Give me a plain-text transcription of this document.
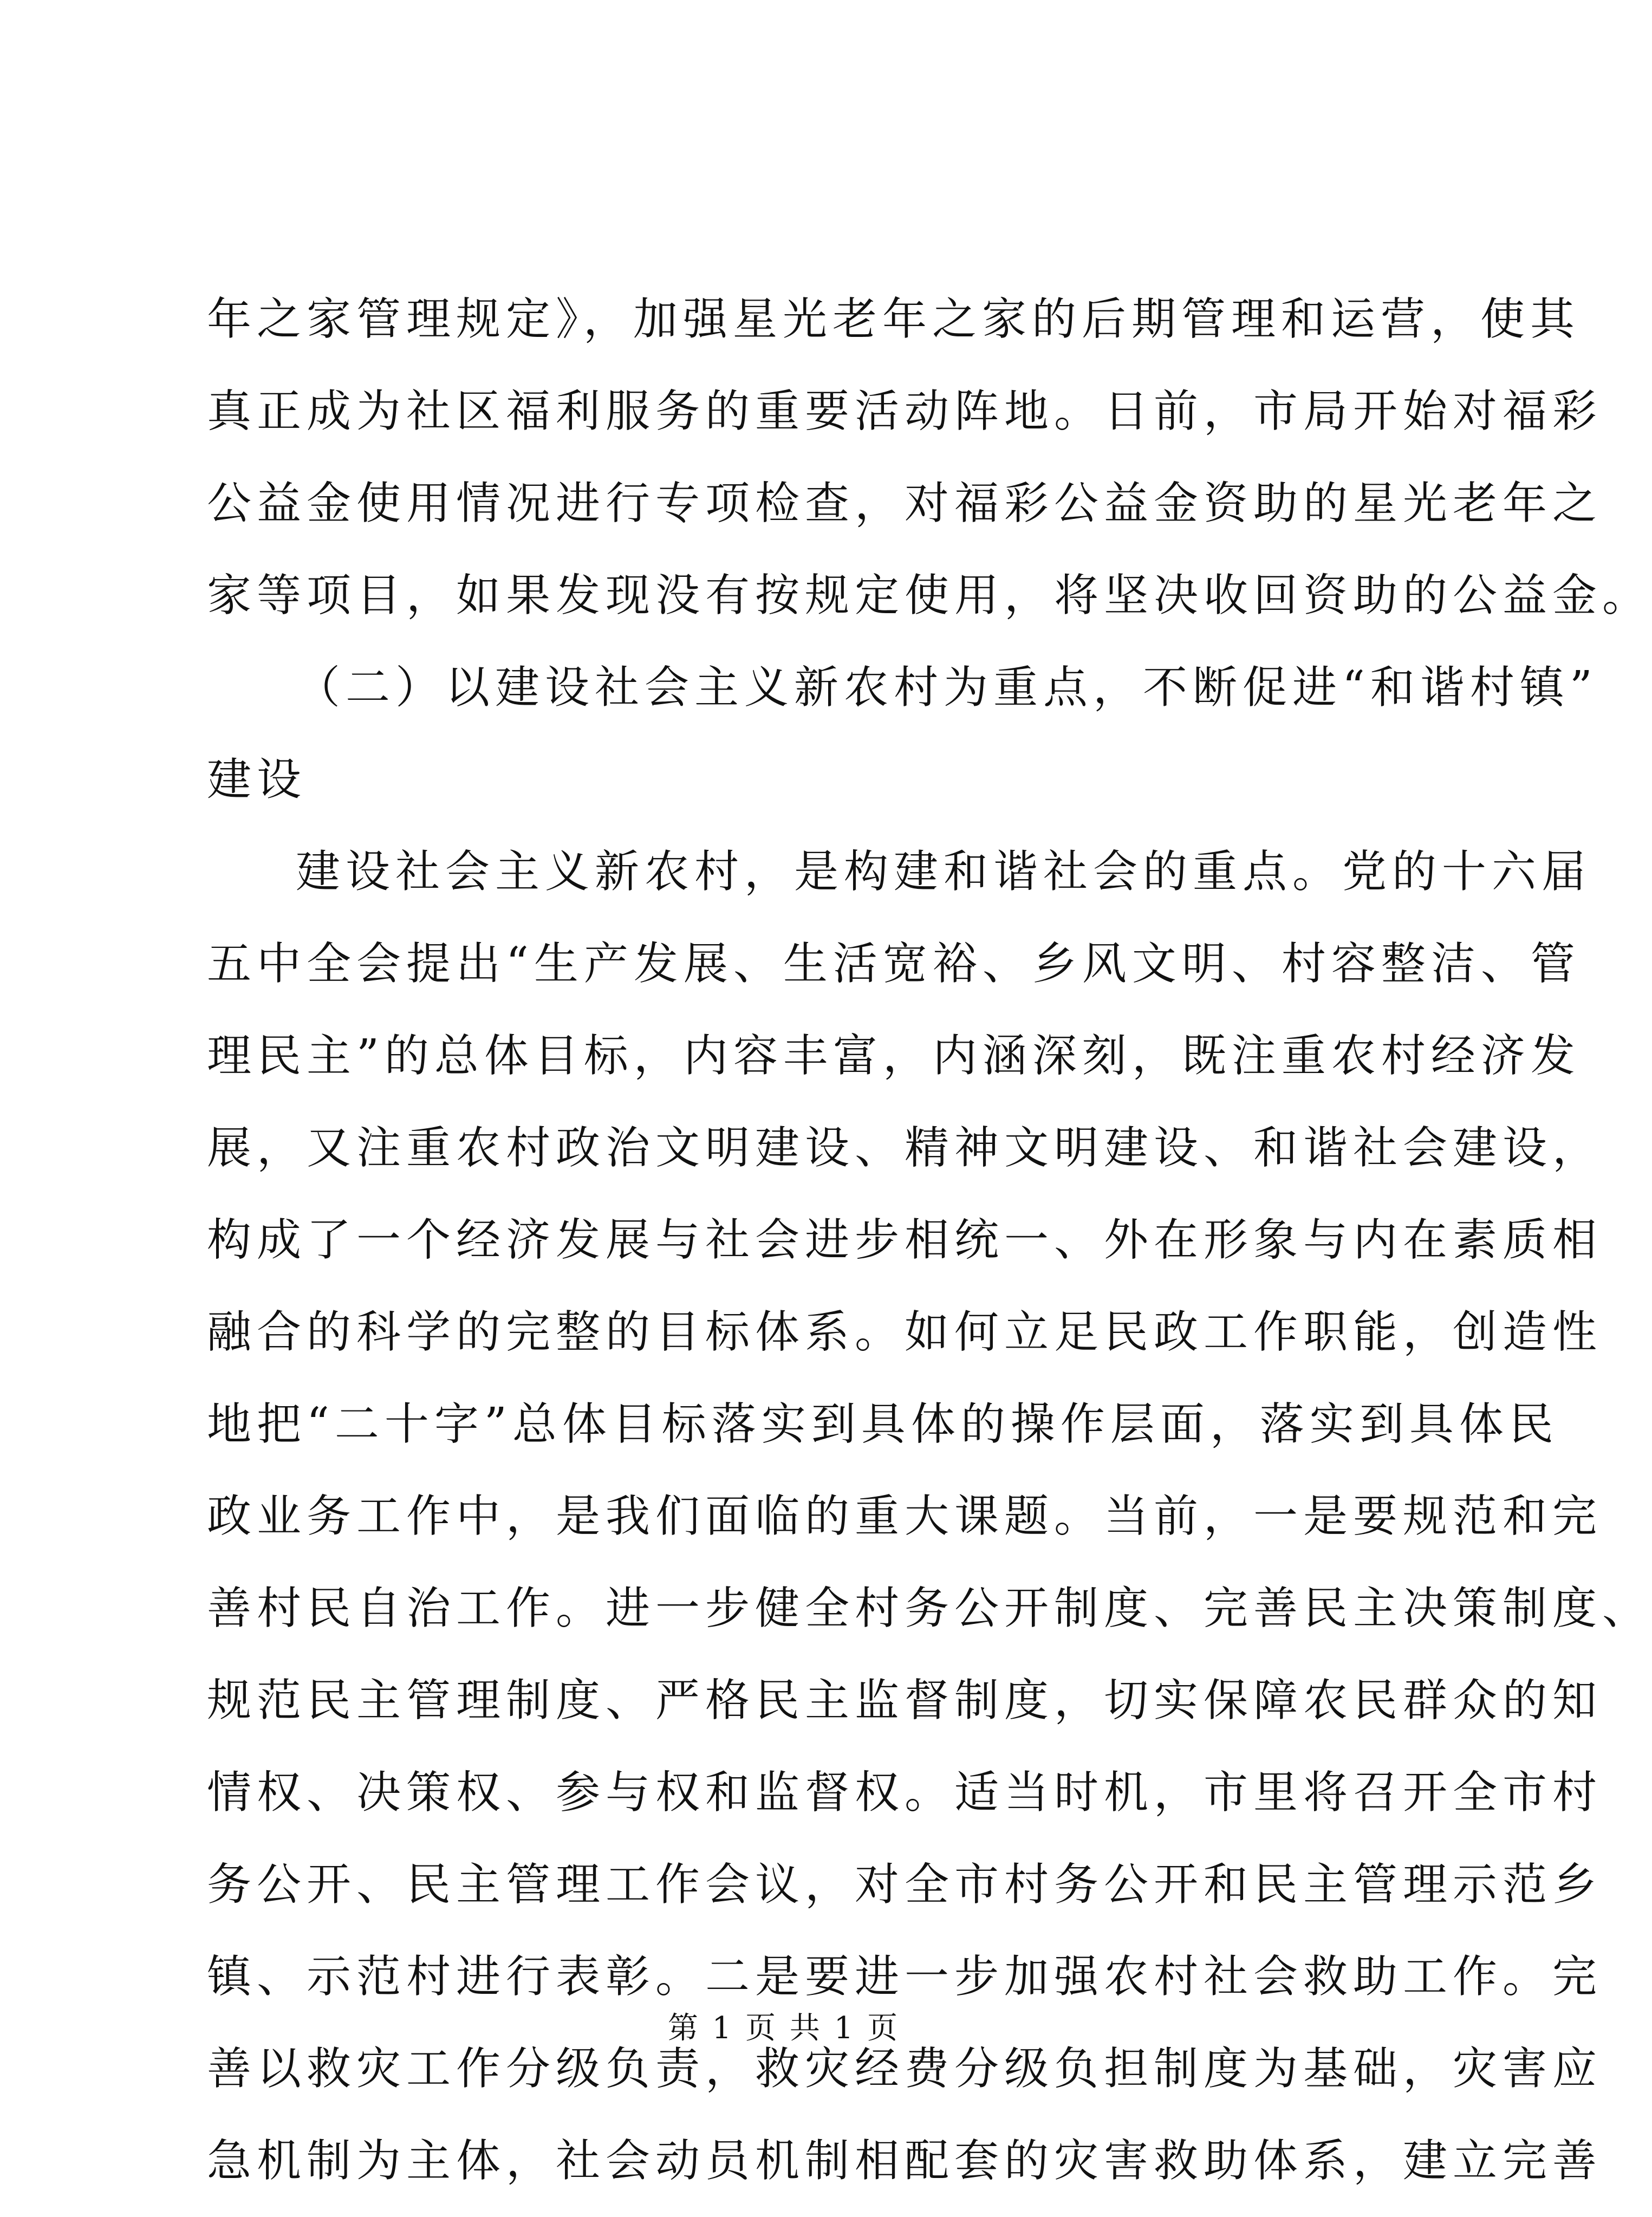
年之家管理规定》，加强星光老年之家的后期管理和运营，使其
真正成为社区福利服务的重要活动阵地。日前，市局开始对福彩
公益金使用情况进行专项检查，对福彩公益金资助的星光老年之
家等项目，如果发现没有按规定使用，将坚决收回资助的公益金。
（二）以建设社会主义新农村为重点，不断促进“和谐村镇”
建设
建设社会主义新农村，是构建和谐社会的重点。党的十六届
五中全会提出“生产发展、生活宽裕、乡风文明、村容整洁、管
理民主”的总体目标，内容丰富，内涵深刻，既注重农村经济发
展，又注重农村政治文明建设、精神文明建设、和谐社会建设，
构成了一个经济发展与社会进步相统一、外在形象与内在素质相
融合的科学的完整的目标体系。如何立足民政工作职能，创造性
地把“二十字”总体目标落实到具体的操作层面，落实到具体民
政业务工作中，是我们面临的重大课题。当前，一是要规范和完
善村民自治工作。进一步健全村务公开制度、完善民主决策制度、
规范民主管理制度、严格民主监督制度，切实保障农民群众的知
情权、决策权、参与权和监督权。适当时机，市里将召开全市村
务公开、民主管理工作会议，对全市村务公开和民主管理示范乡
镇、示范村进行表彰。二是要进一步加强农村社会救助工作。完
善以救灾工作分级负责，救灾经费分级负担制度为基础，灾害应
急机制为主体，社会动员机制相配套的灾害救助体系，建立完善
第 1 页 共 1 页
